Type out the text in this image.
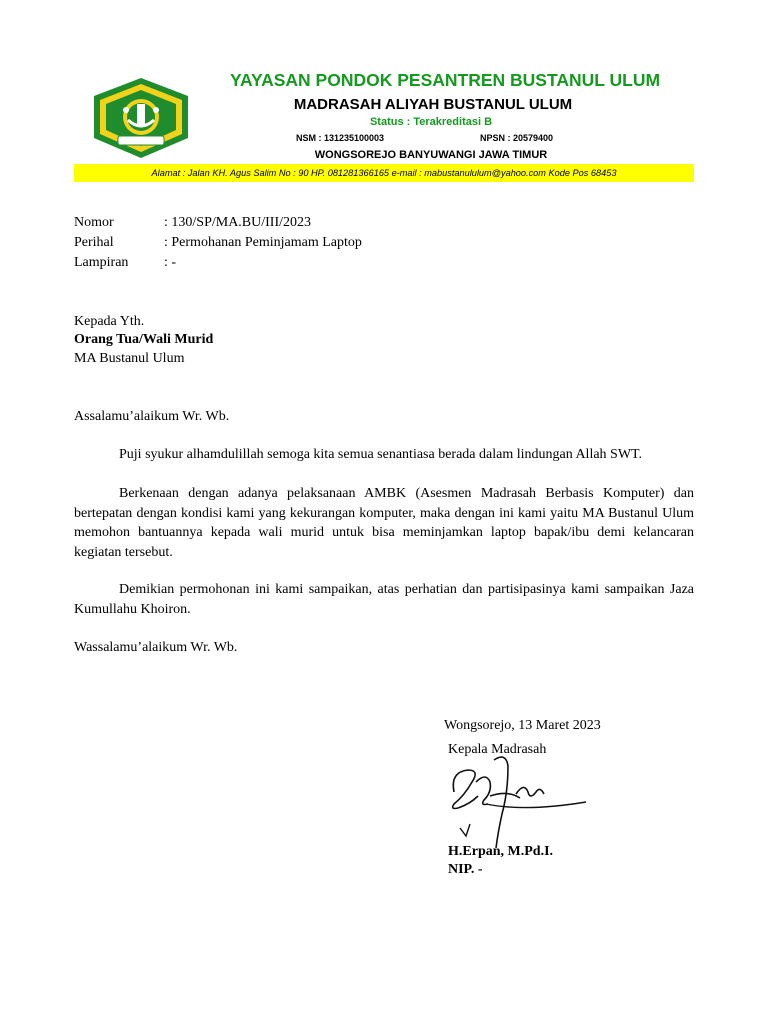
YAYASAN PONDOK PESANTREN BUSTANUL ULUM
MADRASAH ALIYAH BUSTANUL ULUM
Status : Terakreditasi B
NSM : 131235100003	NPSN : 20579400
WONGSOREJO BANYUWANGI JAWA TIMUR
Alamat : Jalan KH. Agus Salim No : 90 HP. 081281366165 e-mail : mabustanululum@yahoo.com Kode Pos 68453
Nomor	: 130/SP/MA.BU/III/2023
Perihal	: Permohanan Peminjamam Laptop
Lampiran	: -
Kepada Yth.
Orang Tua/Wali Murid
MA Bustanul Ulum
Assalamu’alaikum Wr. Wb.
Puji syukur alhamdulillah semoga kita semua senantiasa berada dalam lindungan Allah SWT.
Berkenaan dengan adanya pelaksanaan AMBK (Asesmen Madrasah Berbasis Komputer) dan bertepatan dengan kondisi kami yang kekurangan komputer, maka dengan ini kami yaitu MA Bustanul Ulum memohon bantuannya kepada wali murid untuk bisa meminjamkan laptop bapak/ibu demi kelancaran kegiatan tersebut.
Demikian permohonan ini kami sampaikan, atas perhatian dan partisipasinya kami sampaikan Jaza Kumullahu Khoiron.
Wassalamu’alaikum Wr. Wb.
Wongsorejo, 13 Maret 2023
Kepala Madrasah
H.Erpan, M.Pd.I.
NIP. -
